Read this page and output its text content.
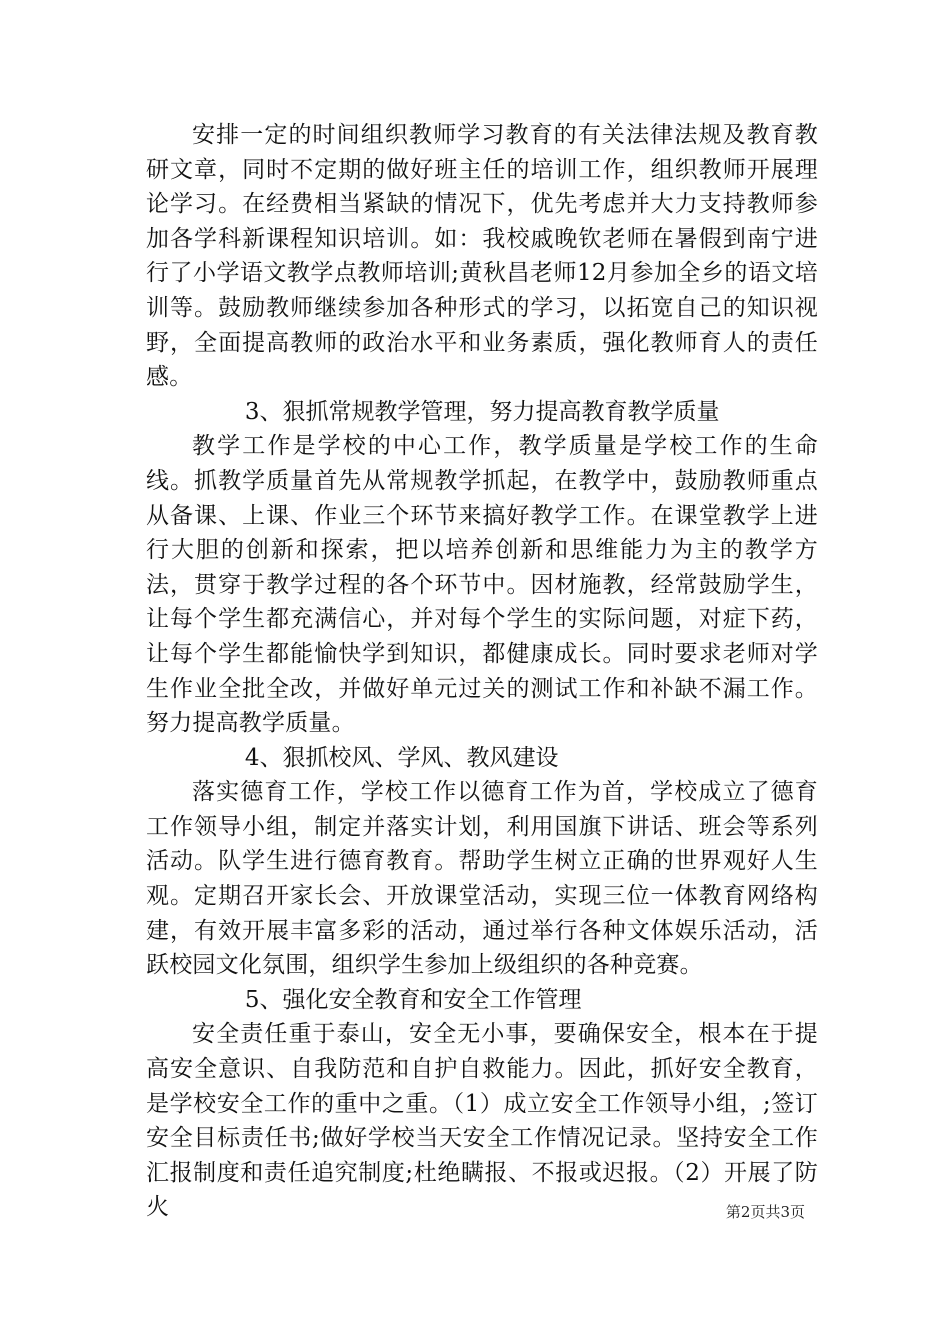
安排一定的时间组织教师学习教育的有关法律法规及教育教研文章，同时不定期的做好班主任的培训工作，组织教师开展理论学习。在经费相当紧缺的情况下，优先考虑并大力支持教师参加各学科新课程知识培训。如：我校戚晚钦老师在暑假到南宁进行了小学语文教学点教师培训;黄秋昌老师12月参加全乡的语文培训等。鼓励教师继续参加各种形式的学习，以拓宽自己的知识视野，全面提高教师的政治水平和业务素质，强化教师育人的责任感。

3、狠抓常规教学管理，努力提高教育教学质量

教学工作是学校的中心工作，教学质量是学校工作的生命线。抓教学质量首先从常规教学抓起，在教学中，鼓励教师重点从备课、上课、作业三个环节来搞好教学工作。在课堂教学上进行大胆的创新和探索，把以培养创新和思维能力为主的教学方法，贯穿于教学过程的各个环节中。因材施教，经常鼓励学生，让每个学生都充满信心，并对每个学生的实际问题，对症下药，让每个学生都能愉快学到知识，都健康成长。同时要求老师对学生作业全批全改，并做好单元过关的测试工作和补缺不漏工作。努力提高教学质量。

4、狠抓校风、学风、教风建设

落实德育工作，学校工作以德育工作为首，学校成立了德育工作领导小组，制定并落实计划，利用国旗下讲话、班会等系列活动。队学生进行德育教育。帮助学生树立正确的世界观好人生观。定期召开家长会、开放课堂活动，实现三位一体教育网络构建，有效开展丰富多彩的活动，通过举行各种文体娱乐活动，活跃校园文化氛围，组织学生参加上级组织的各种竞赛。

5、强化安全教育和安全工作管理

安全责任重于泰山，安全无小事，要确保安全，根本在于提高安全意识、自我防范和自护自救能力。因此，抓好安全教育，是学校安全工作的重中之重。（1）成立安全工作领导小组，;签订安全目标责任书;做好学校当天安全工作情况记录。坚持安全工作汇报制度和责任追究制度;杜绝瞒报、不报或迟报。（2）开展了防火	第2页共3页
